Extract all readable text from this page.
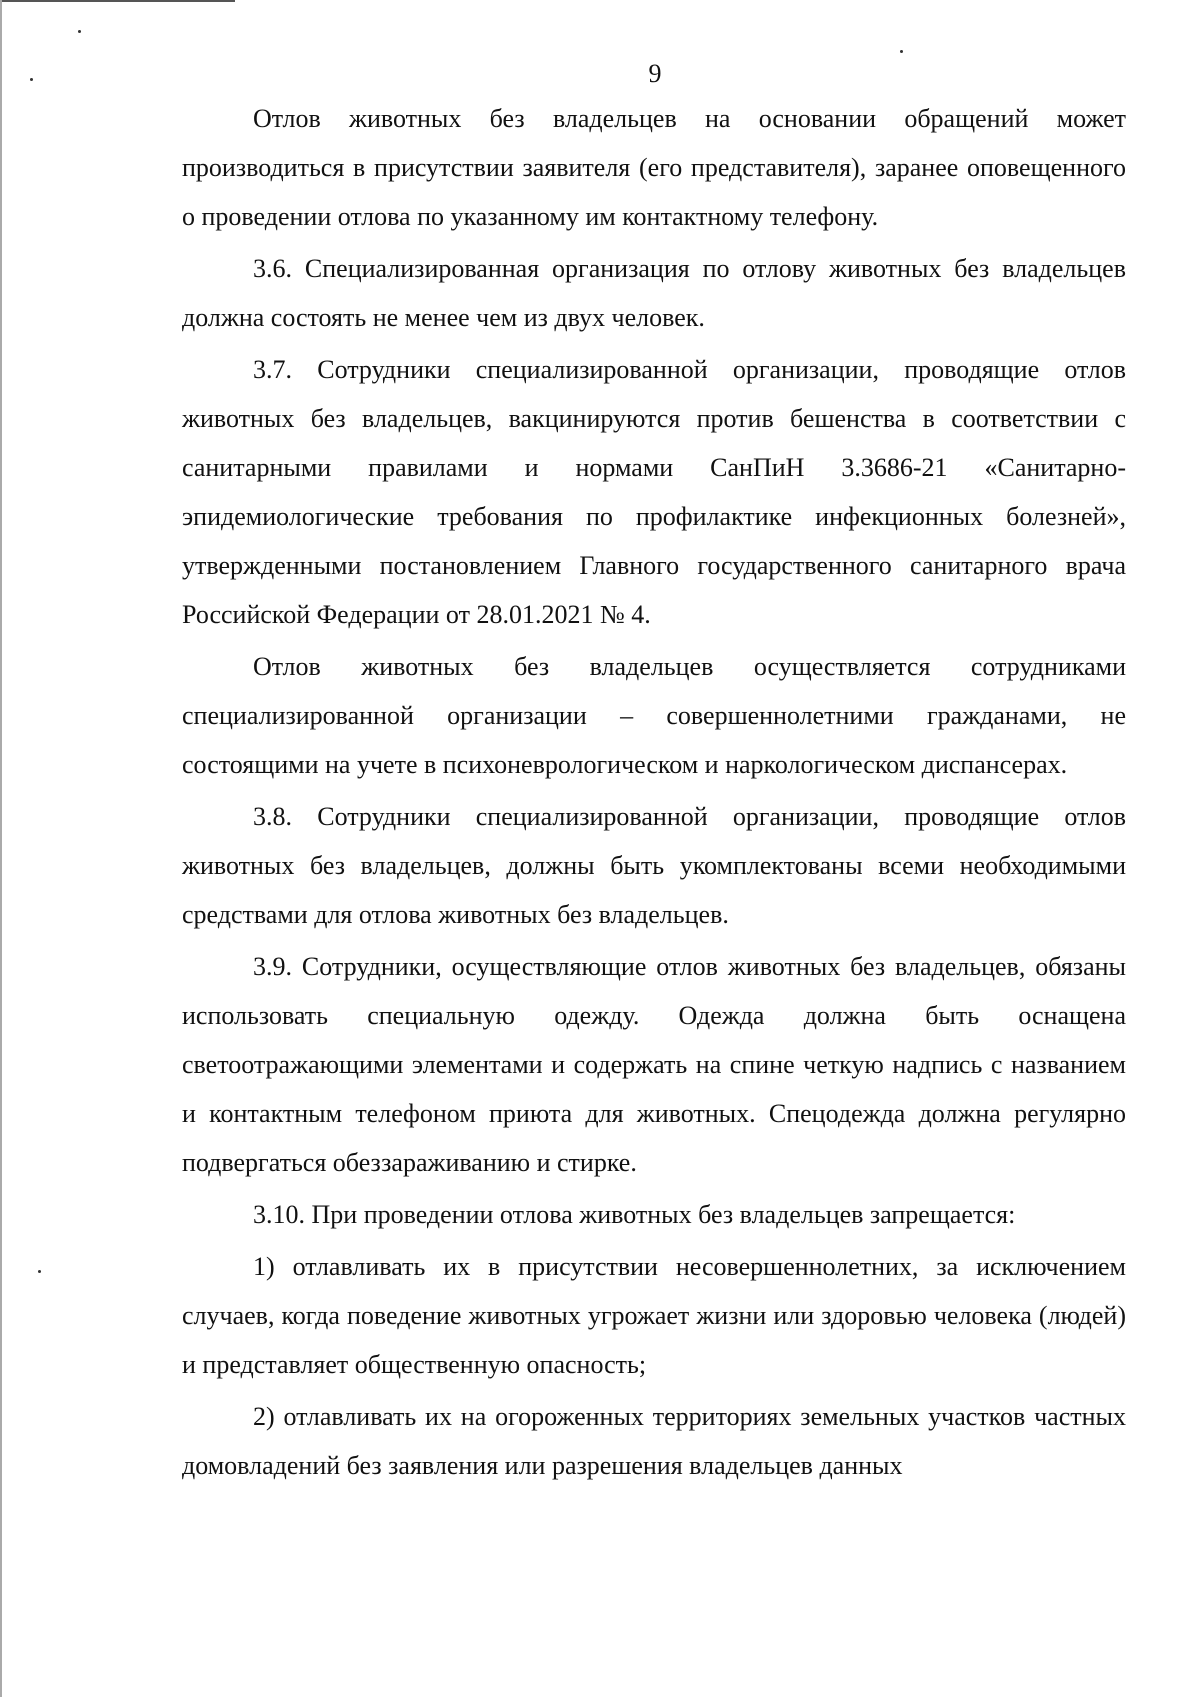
9

Отлов животных без владельцев на основании обращений может производиться в присутствии заявителя (его представителя), заранее оповещенного о проведении отлова по указанному им контактному телефону.

3.6. Специализированная организация по отлову животных без владельцев должна состоять не менее чем из двух человек.

3.7. Сотрудники специализированной организации, проводящие отлов животных без владельцев, вакцинируются против бешенства в соответствии с санитарными правилами и нормами СанПиН 3.3686-21 «Санитарно-эпидемиологические требования по профилактике инфекционных болезней», утвержденными постановлением Главного государственного санитарного врача Российской Федерации от 28.01.2021 № 4.

Отлов животных без владельцев осуществляется сотрудниками специализированной организации – совершеннолетними гражданами, не состоящими на учете в психоневрологическом и наркологическом диспансерах.

3.8. Сотрудники специализированной организации, проводящие отлов животных без владельцев, должны быть укомплектованы всеми необходимыми средствами для отлова животных без владельцев.

3.9. Сотрудники, осуществляющие отлов животных без владельцев, обязаны использовать специальную одежду. Одежда должна быть оснащена светоотражающими элементами и содержать на спине четкую надпись с названием и контактным телефоном приюта для животных. Спецодежда должна регулярно подвергаться обеззараживанию и стирке.

3.10. При проведении отлова животных без владельцев запрещается:

1) отлавливать их в присутствии несовершеннолетних, за исключением случаев, когда поведение животных угрожает жизни или здоровью человека (людей) и представляет общественную опасность;

2) отлавливать их на огороженных территориях земельных участков частных домовладений без заявления или разрешения владельцев данных
